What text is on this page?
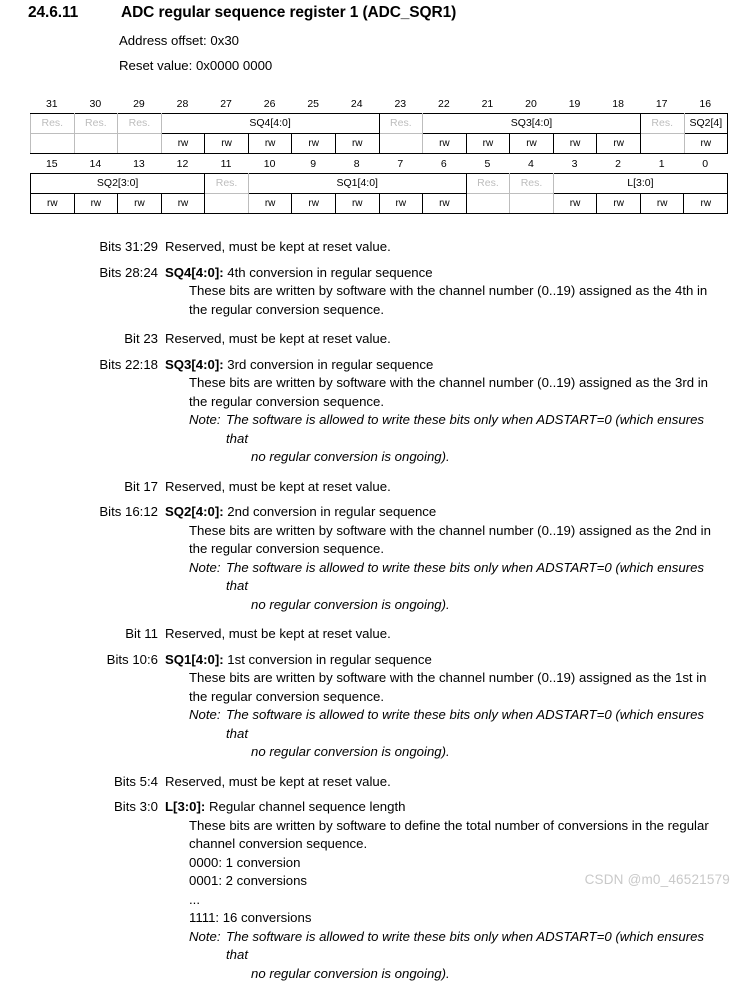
24.6.11	ADC regular sequence register 1 (ADC_SQR1)
Address offset: 0x30
Reset value: 0x0000 0000
31	30	29	28	27	26	25	24	23	22	21	20	19	18	17	16
Res.	Res.	Res.	SQ4[4:0]					Res.	SQ3[4:0]					Res.	SQ2[4]
			rw	rw	rw	rw	rw		rw	rw	rw	rw	rw		rw
15	14	13	12	11	10	9	8	7	6	5	4	3	2	1	0
SQ2[3:0]				Res.	SQ1[4:0]					Res.	Res.	L[3:0]			
rw	rw	rw	rw		rw	rw	rw	rw	rw			rw	rw	rw	rw
Bits 31:29 Reserved, must be kept at reset value.
Bits 28:24 SQ4[4:0]: 4th conversion in regular sequence
These bits are written by software with the channel number (0..19) assigned as the 4th in the regular conversion sequence.
Bit 23 Reserved, must be kept at reset value.
Bits 22:18 SQ3[4:0]: 3rd conversion in regular sequence
These bits are written by software with the channel number (0..19) assigned as the 3rd in the regular conversion sequence.
Note: The software is allowed to write these bits only when ADSTART=0 (which ensures that
no regular conversion is ongoing).
Bit 17 Reserved, must be kept at reset value.
Bits 16:12 SQ2[4:0]: 2nd conversion in regular sequence
These bits are written by software with the channel number (0..19) assigned as the 2nd in the regular conversion sequence.
Note: The software is allowed to write these bits only when ADSTART=0 (which ensures that
no regular conversion is ongoing).
Bit 11 Reserved, must be kept at reset value.
Bits 10:6 SQ1[4:0]: 1st conversion in regular sequence
These bits are written by software with the channel number (0..19) assigned as the 1st in the regular conversion sequence.
Note: The software is allowed to write these bits only when ADSTART=0 (which ensures that
no regular conversion is ongoing).
Bits 5:4 Reserved, must be kept at reset value.
Bits 3:0 L[3:0]: Regular channel sequence length
These bits are written by software to define the total number of conversions in the regular channel conversion sequence.
0000: 1 conversion
0001: 2 conversions
...
1111: 16 conversions
Note: The software is allowed to write these bits only when ADSTART=0 (which ensures that
no regular conversion is ongoing).
CSDN @m0_46521579
